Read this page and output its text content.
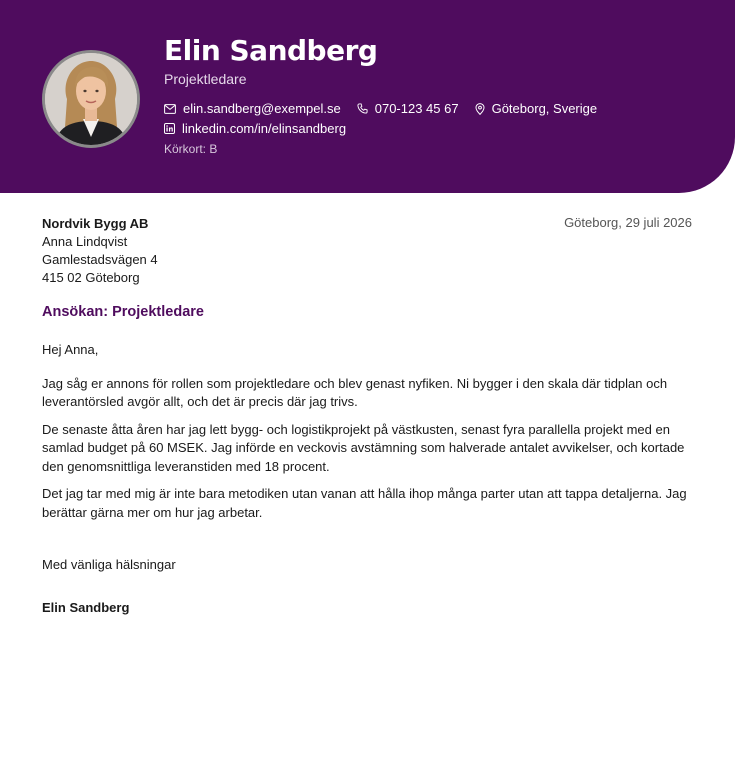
Elin Sandberg
Projektledare
elin.sandberg@exempel.se	070-123 45 67	Göteborg, Sverige
linkedin.com/in/elinsandberg
Körkort: B
Nordvik Bygg AB
Anna Lindqvist
Gamlestadsvägen 4
415 02 Göteborg
Göteborg, 29 juli 2026
Ansökan: Projektledare

Hej Anna,

Jag såg er annons för rollen som projektledare och blev genast nyfiken. Ni bygger i den skala där tidplan och leverantörsled avgör allt, och det är precis där jag trivs.

De senaste åtta åren har jag lett bygg- och logistikprojekt på västkusten, senast fyra parallella projekt med en samlad budget på 60 MSEK. Jag införde en veckovis avstämning som halverade antalet avvikelser, och kortade den genomsnittliga leveranstiden med 18 procent.

Det jag tar med mig är inte bara metodiken utan vanan att hålla ihop många parter utan att tappa detaljerna. Jag berättar gärna mer om hur jag arbetar.

Med vänliga hälsningar
Elin Sandberg
